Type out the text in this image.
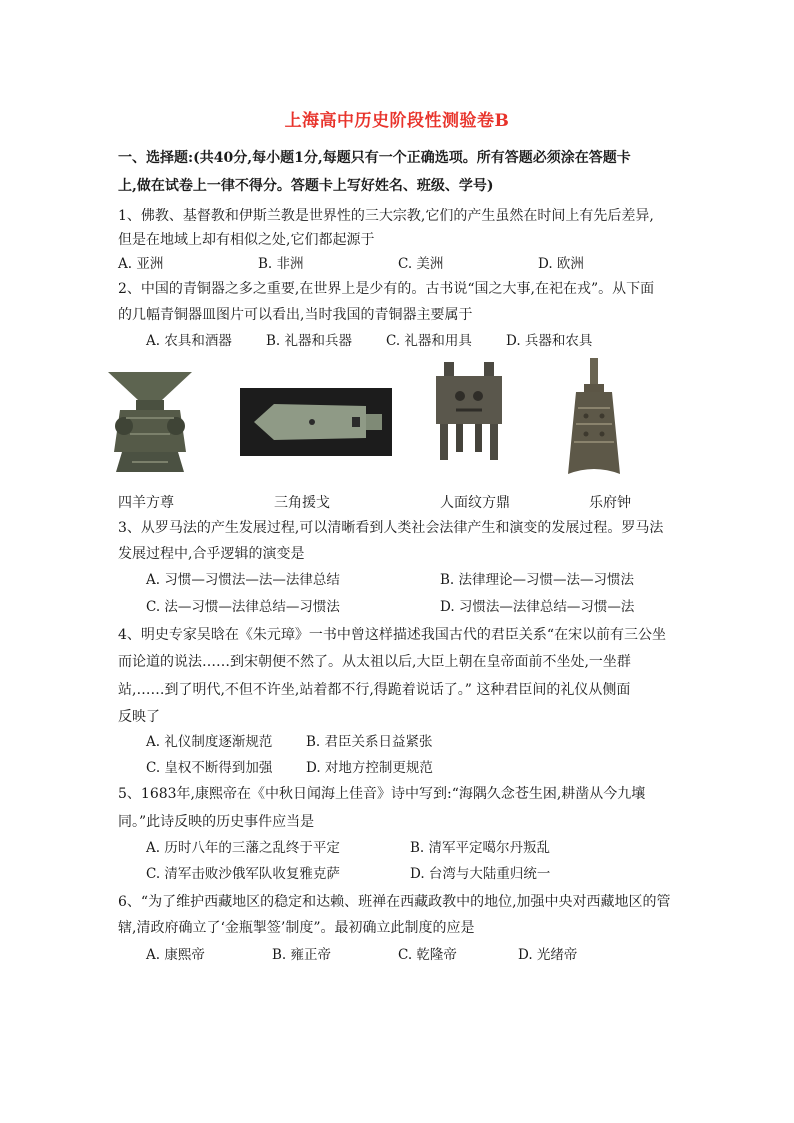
上海高中历史阶段性测验卷B
一、选择题:(共40分,每小题1分,每题只有一个正确选项。所有答题必须涂在答题卡
上,做在试卷上一律不得分。答题卡上写好姓名、班级、学号)
1、佛教、基督教和伊斯兰教是世界性的三大宗教,它们的产生虽然在时间上有先后差异,
但是在地域上却有相似之处,它们都起源于
A. 亚洲	B. 非洲	C. 美洲	D. 欧洲
2、中国的青铜器之多之重要,在世界上是少有的。古书说“国之大事,在祀在戎”。从下面
的几幅青铜器皿图片可以看出,当时我国的青铜器主要属于
A. 农具和酒器	B. 礼器和兵器	C. 礼器和用具	D. 兵器和农具
四羊方尊	三角援戈	人面纹方鼎	乐府钟
3、从罗马法的产生发展过程,可以清晰看到人类社会法律产生和演变的发展过程。罗马法
发展过程中,合乎逻辑的演变是
A. 习惯—习惯法—法—法律总结	B. 法律理论—习惯—法—习惯法
C. 法—习惯—法律总结—习惯法	D. 习惯法—法律总结—习惯—法
4、明史专家吴晗在《朱元璋》一书中曾这样描述我国古代的君臣关系“在宋以前有三公坐
而论道的说法……到宋朝便不然了。从太祖以后,大臣上朝在皇帝面前不坐处,一坐群
站,……到了明代,不但不许坐,站着都不行,得跪着说话了。” 这种君臣间的礼仪从侧面
反映了
A. 礼仪制度逐渐规范 B. 君臣关系日益紧张
C. 皇权不断得到加强 D. 对地方控制更规范
5、1683年,康熙帝在《中秋日闻海上佳音》诗中写到:“海隅久念苍生困,耕凿从今九壤
同。”此诗反映的历史事件应当是
A. 历时八年的三藩之乱终于平定	B. 清军平定噶尔丹叛乱
C. 清军击败沙俄军队收复雅克萨	D. 台湾与大陆重归统一
6、“为了维护西藏地区的稳定和达赖、班禅在西藏政教中的地位,加强中央对西藏地区的管
辖,清政府确立了‘金瓶掣签’制度”。最初确立此制度的应是
A. 康熙帝	B. 雍正帝	C. 乾隆帝	D. 光绪帝
